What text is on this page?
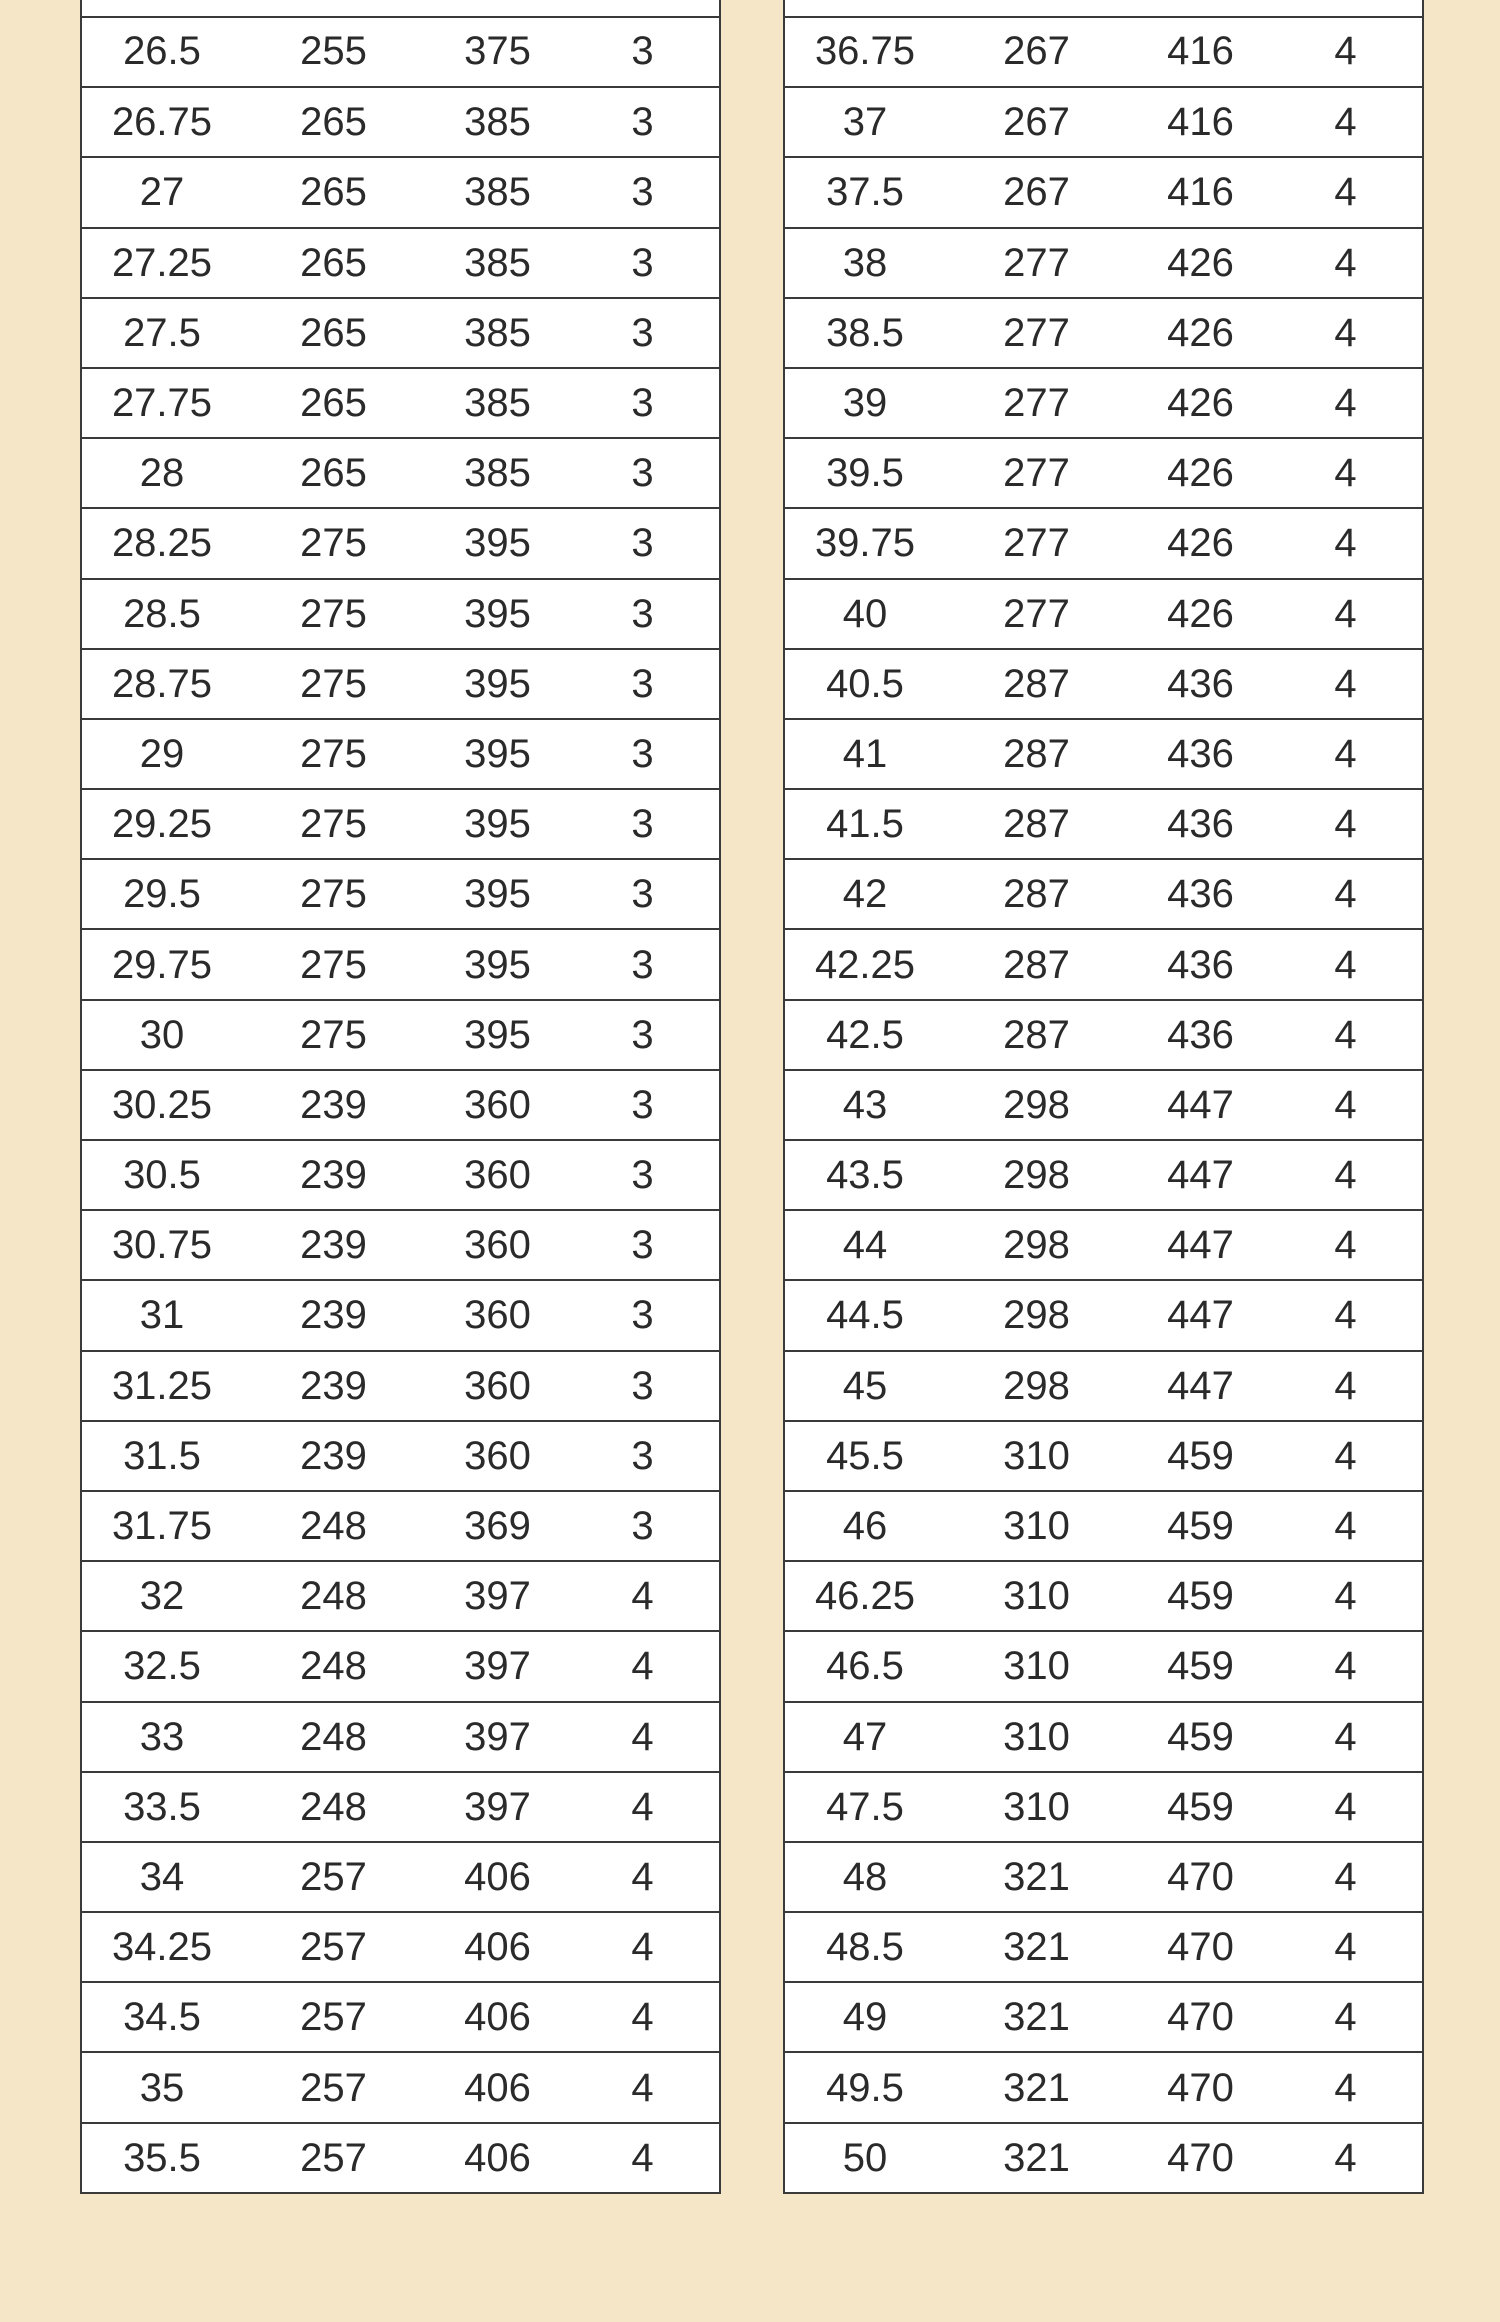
26.5	255	375	3
26.75	265	385	3
27	265	385	3
27.25	265	385	3
27.5	265	385	3
27.75	265	385	3
28	265	385	3
28.25	275	395	3
28.5	275	395	3
28.75	275	395	3
29	275	395	3
29.25	275	395	3
29.5	275	395	3
29.75	275	395	3
30	275	395	3
30.25	239	360	3
30.5	239	360	3
30.75	239	360	3
31	239	360	3
31.25	239	360	3
31.5	239	360	3
31.75	248	369	3
32	248	397	4
32.5	248	397	4
33	248	397	4
33.5	248	397	4
34	257	406	4
34.25	257	406	4
34.5	257	406	4
35	257	406	4
35.5	257	406	4
36.75	267	416	4
37	267	416	4
37.5	267	416	4
38	277	426	4
38.5	277	426	4
39	277	426	4
39.5	277	426	4
39.75	277	426	4
40	277	426	4
40.5	287	436	4
41	287	436	4
41.5	287	436	4
42	287	436	4
42.25	287	436	4
42.5	287	436	4
43	298	447	4
43.5	298	447	4
44	298	447	4
44.5	298	447	4
45	298	447	4
45.5	310	459	4
46	310	459	4
46.25	310	459	4
46.5	310	459	4
47	310	459	4
47.5	310	459	4
48	321	470	4
48.5	321	470	4
49	321	470	4
49.5	321	470	4
50	321	470	4
